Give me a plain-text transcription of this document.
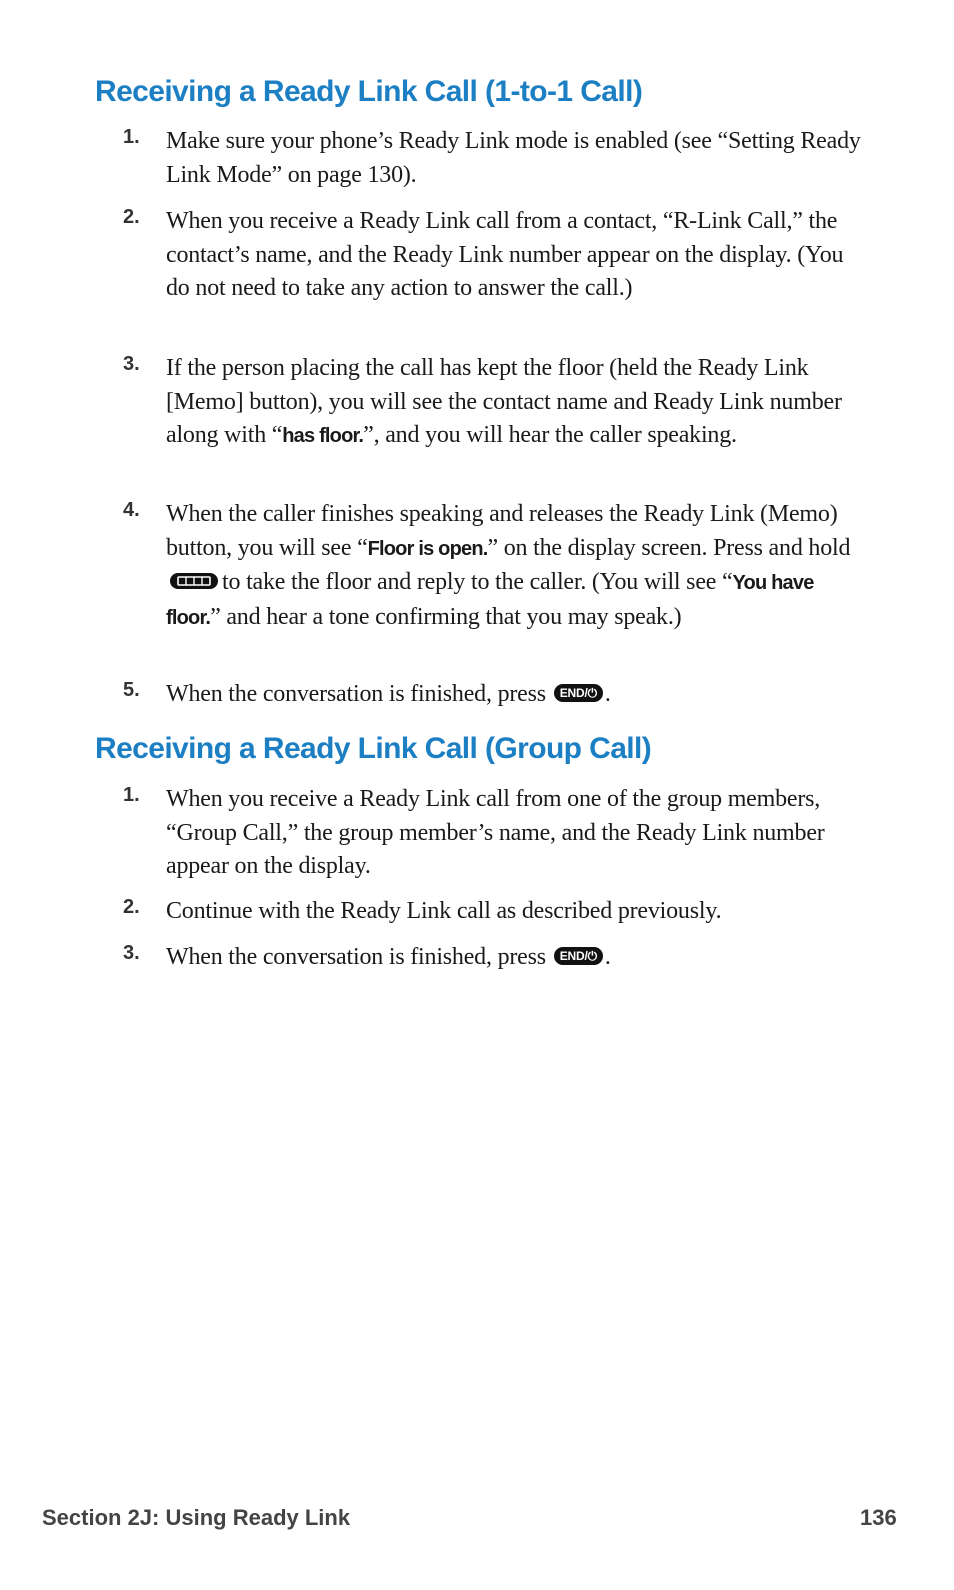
Receiving a Ready Link Call (1-to-1 Call)
1. Make sure your phone’s Ready Link mode is enabled (see “Setting Ready Link Mode” on page 130).
2. When you receive a Ready Link call from a contact, “R-Link Call,” the contact’s name, and the Ready Link number appear on the display. (You do not need to take any action to answer the call.)
3. If the person placing the call has kept the floor (held the Ready Link [Memo] button), you will see the contact name and Ready Link number along with “has floor.”, and you will hear the caller speaking.
4. When the caller finishes speaking and releases the Ready Link (Memo) button, you will see “Floor is open.” on the display screen. Press and hold
to take the floor and reply to the caller. (You will see “You have floor.” and hear a tone confirming that you may speak.)
5. When the conversation is finished, press END/⏻ .
Receiving a Ready Link Call (Group Call)
1. When you receive a Ready Link call from one of the group members, “Group Call,” the group member’s name, and the Ready Link number appear on the display.
2. Continue with the Ready Link call as described previously.
3. When the conversation is finished, press END/⏻ .
Section 2J: Using Ready Link	136
